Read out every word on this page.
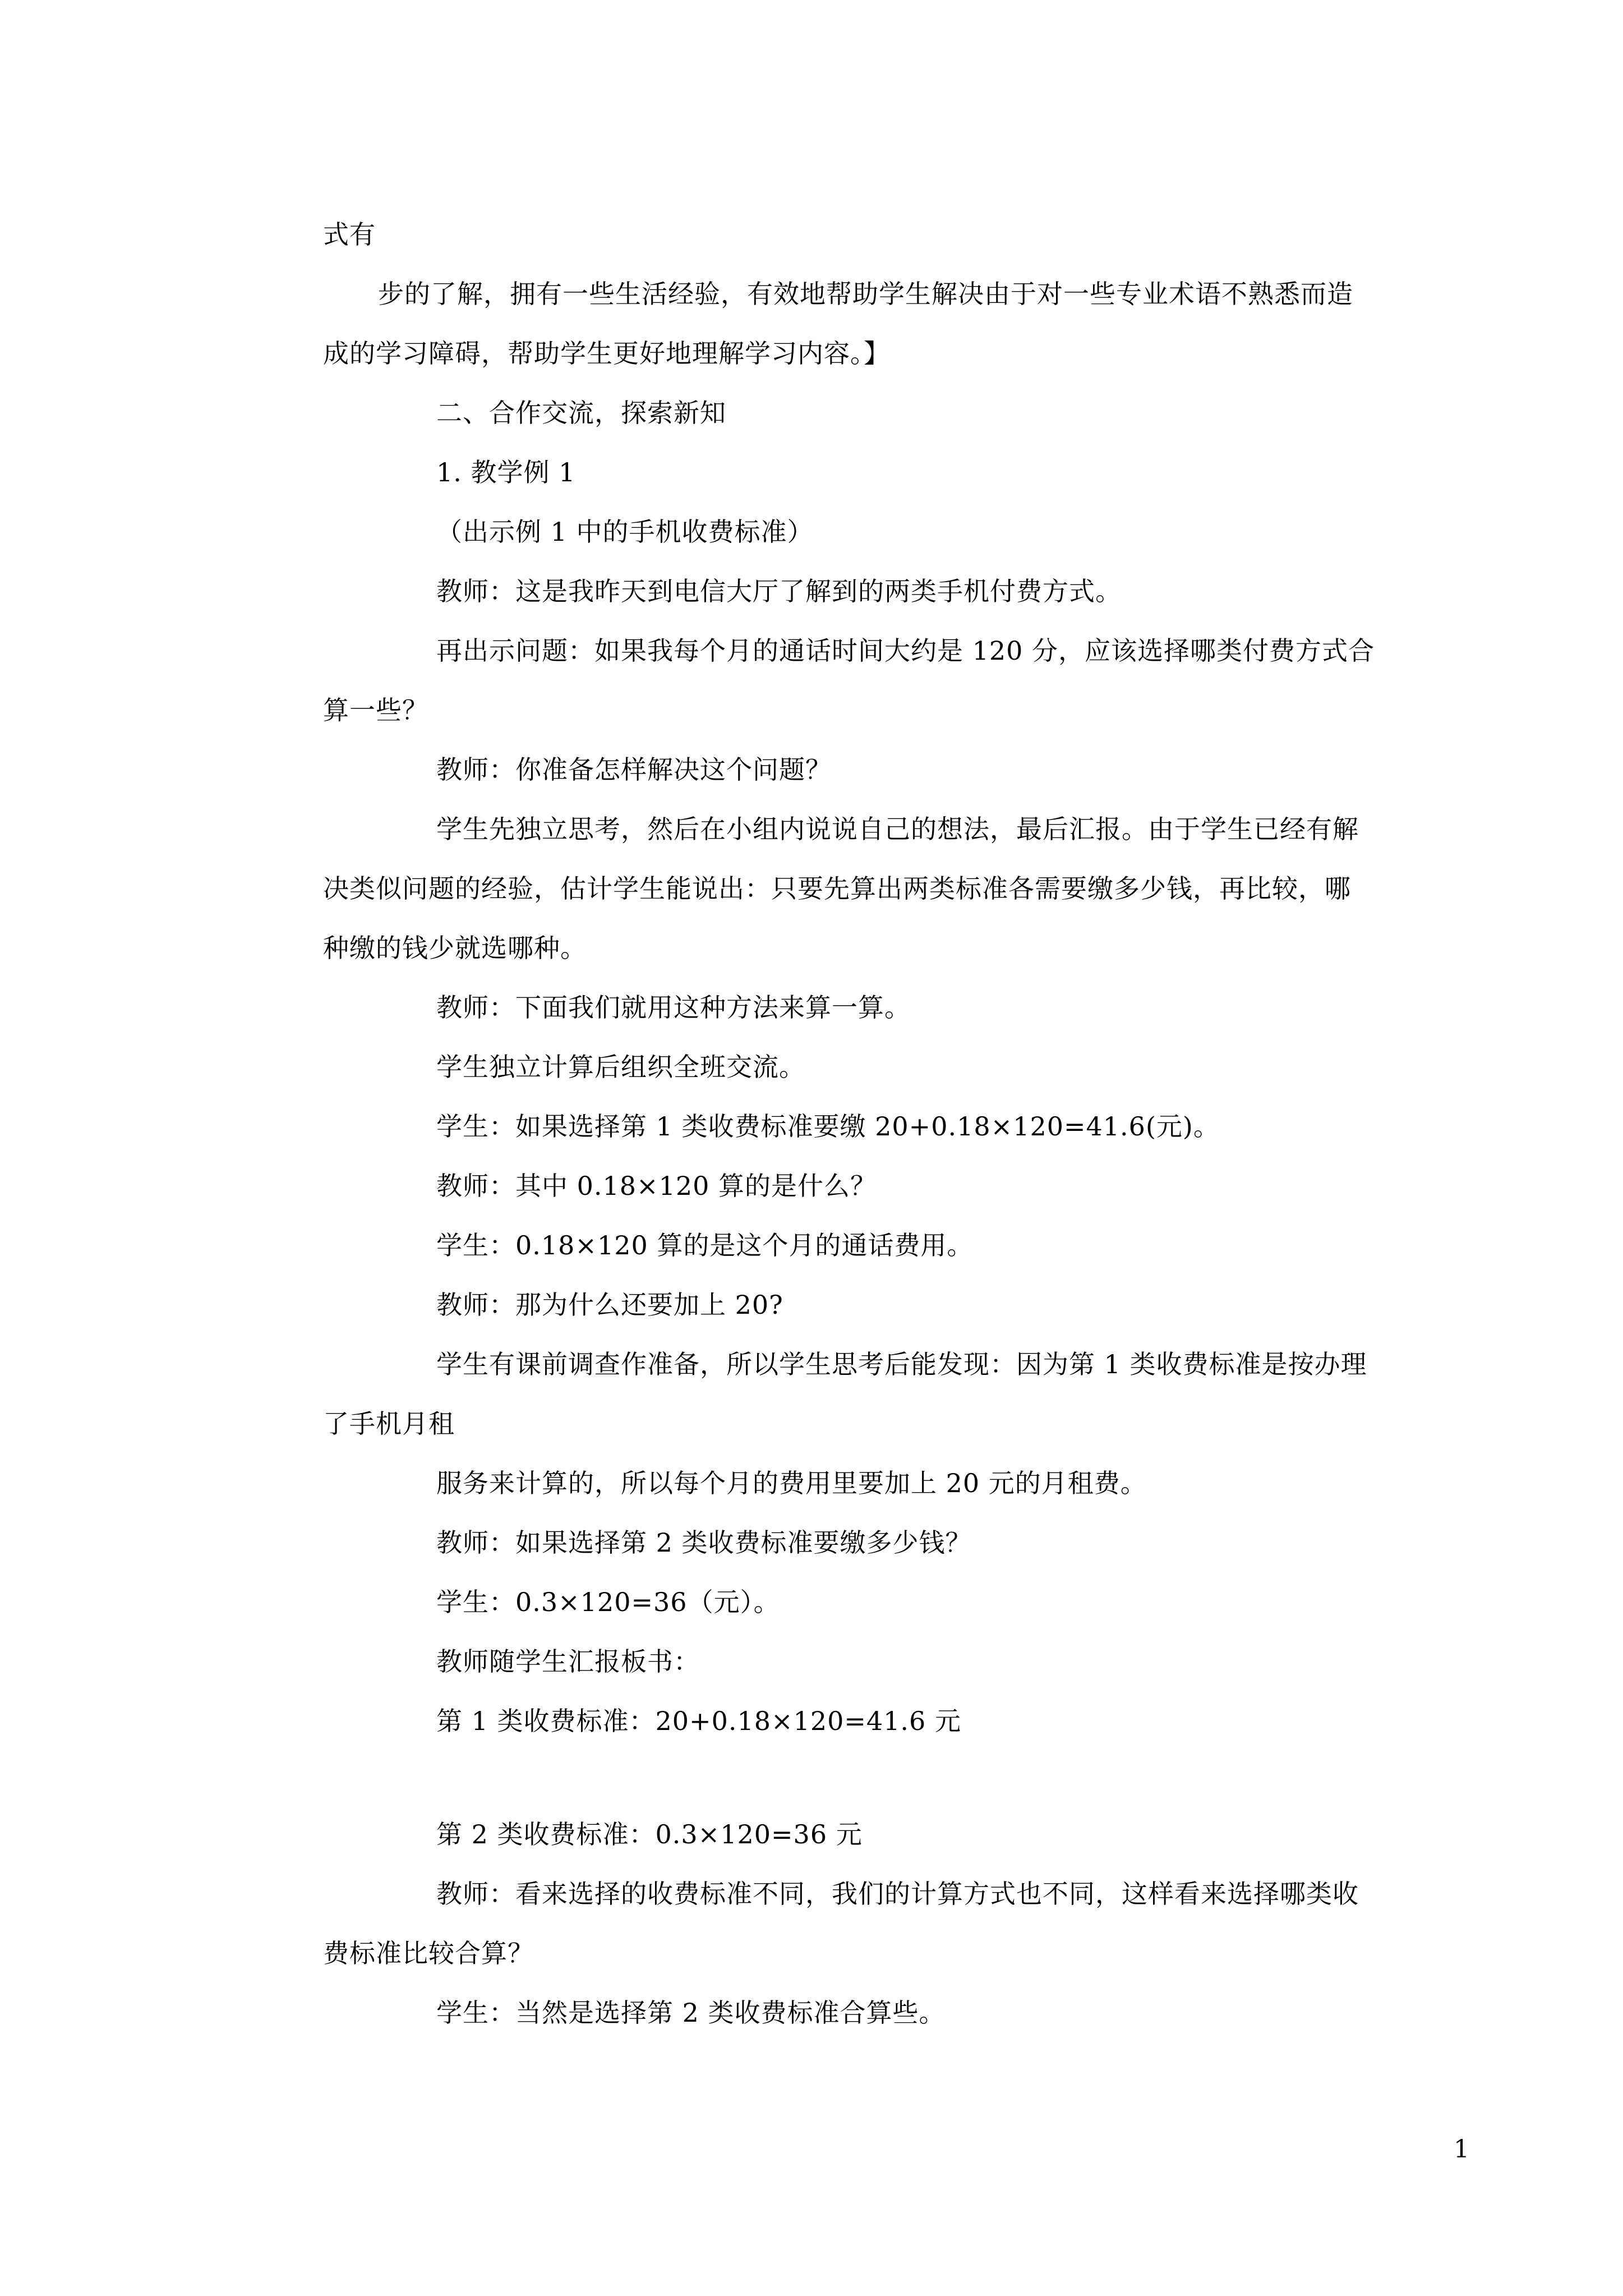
式有
步的了解，拥有一些生活经验，有效地帮助学生解决由于对一些专业术语不熟悉而造
成的学习障碍，帮助学生更好地理解学习内容。】
二、合作交流，探索新知
1. 教学例 1
（出示例 1 中的手机收费标准）
教师：这是我昨天到电信大厅了解到的两类手机付费方式。
再出示问题：如果我每个月的通话时间大约是 120 分，应该选择哪类付费方式合
算一些？
教师：你准备怎样解决这个问题？
学生先独立思考，然后在小组内说说自己的想法，最后汇报。由于学生已经有解
决类似问题的经验，估计学生能说出：只要先算出两类标准各需要缴多少钱，再比较，哪
种缴的钱少就选哪种。
教师：下面我们就用这种方法来算一算。
学生独立计算后组织全班交流。
学生：如果选择第 1 类收费标准要缴 20+0.18×120=41.6(元)。
教师：其中 0.18×120 算的是什么？
学生：0.18×120 算的是这个月的通话费用。
教师：那为什么还要加上 20?
学生有课前调查作准备，所以学生思考后能发现：因为第 1 类收费标准是按办理
了手机月租
服务来计算的，所以每个月的费用里要加上 20 元的月租费。
教师：如果选择第 2 类收费标准要缴多少钱？
学生：0.3×120=36（元）。
教师随学生汇报板书：
第 1 类收费标准：20+0.18×120=41.6 元
第 2 类收费标准：0.3×120=36 元
教师：看来选择的收费标准不同，我们的计算方式也不同，这样看来选择哪类收
费标准比较合算？
学生：当然是选择第 2 类收费标准合算些。
1
